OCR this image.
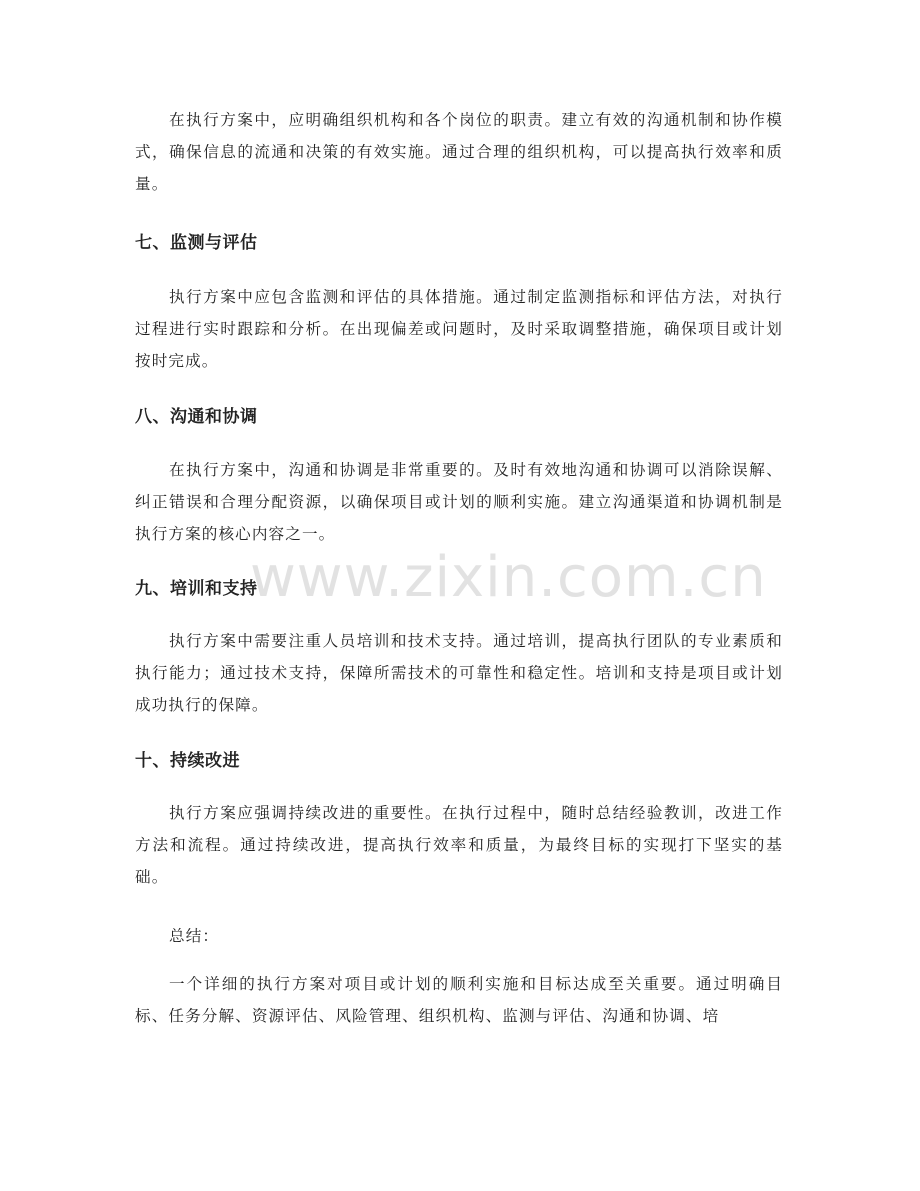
www.zixin.com.cn

在执行方案中，应明确组织机构和各个岗位的职责。建立有效的沟通机制和协作模式，确保信息的流通和决策的有效实施。通过合理的组织机构，可以提高执行效率和质量。

七、监测与评估

执行方案中应包含监测和评估的具体措施。通过制定监测指标和评估方法，对执行过程进行实时跟踪和分析。在出现偏差或问题时，及时采取调整措施，确保项目或计划按时完成。

八、沟通和协调

在执行方案中，沟通和协调是非常重要的。及时有效地沟通和协调可以消除误解、纠正错误和合理分配资源，以确保项目或计划的顺利实施。建立沟通渠道和协调机制是执行方案的核心内容之一。

九、培训和支持

执行方案中需要注重人员培训和技术支持。通过培训，提高执行团队的专业素质和执行能力；通过技术支持，保障所需技术的可靠性和稳定性。培训和支持是项目或计划成功执行的保障。

十、持续改进

执行方案应强调持续改进的重要性。在执行过程中，随时总结经验教训，改进工作方法和流程。通过持续改进，提高执行效率和质量，为最终目标的实现打下坚实的基础。

总结：

一个详细的执行方案对项目或计划的顺利实施和目标达成至关重要。通过明确目标、任务分解、资源评估、风险管理、组织机构、监测与评估、沟通和协调、培
